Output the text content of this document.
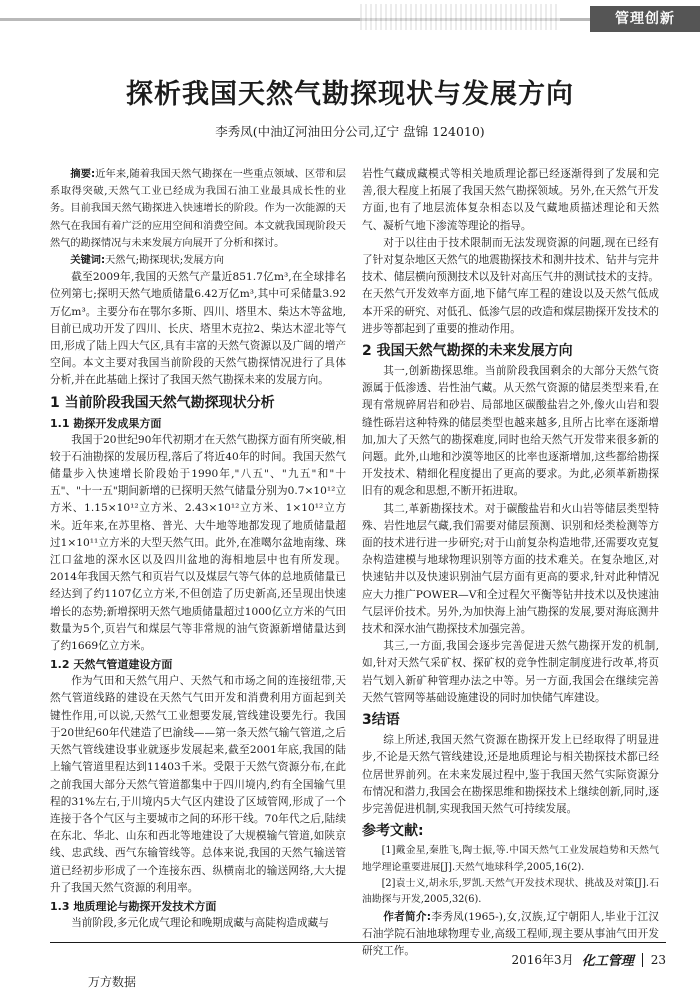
管理创新
探析我国天然气勘探现状与发展方向
李秀凤(中油辽河油田分公司,辽宁 盘锦 124010)

摘要:近年来,随着我国天然气勘探在一些重点领域、区带和层系取得突破,天然气工业已经成为我国石油工业最具成长性的业务。目前我国天然气勘探进入快速增长的阶段。作为一次能源的天然气在我国有着广泛的应用空间和消费空间。本文就我国现阶段天然气的勘探情况与未来发展方向展开了分析和探讨。

关键词:天然气;勘探现状;发展方向

截至2009年,我国的天然气产量近851.7亿m³,在全球排名位列第七;探明天然气地质储量6.42万亿m³,其中可采储量3.92万亿m³。主要分布在鄂尔多斯、四川、塔里木、柴达木等盆地,目前已成功开发了四川、长庆、塔里木克拉2、柴达木涩北等气田,形成了陆上四大气区,具有丰富的天然气资源以及广阔的增产空间。本文主要对我国当前阶段的天然气勘探情况进行了具体分析,并在此基础上探讨了我国天然气勘探未来的发展方向。

1 当前阶段我国天然气勘探现状分析
1.1 勘探开发成果方面

我国于20世纪90年代初期才在天然气勘探方面有所突破,相较于石油勘探的发展历程,落后了将近40年的时间。我国天然气储量步入快速增长阶段始于1990年,"八五"、"九五"和"十五"、"十一五"期间新增的已探明天然气储量分别为0.7×10¹²立方米、1.15×10¹²立方米、2.43×10¹²立方米、1×10¹²立方米。近年来,在苏里格、普光、大牛地等地都发现了地质储量超过1×10¹¹立方米的大型天然气田。此外,在准噶尔盆地南缘、珠江口盆地的深水区以及四川盆地的海相地层中也有所发现。2014年我国天然气和页岩气以及煤层气等气体的总地质储量已经达到了约1107亿立方米,不但创造了历史新高,还呈现出快速增长的态势;新增探明天然气地质储量超过1000亿立方米的气田数量为5个,页岩气和煤层气等非常规的油气资源新增储量达到了约1669亿立方米。

1.2 天然气管道建设方面

作为气田和天然气用户、天然气和市场之间的连接纽带,天然气管道线路的建设在天然气气田开发和消费利用方面起到关键性作用,可以说,天然气工业想要发展,管线建设要先行。我国于20世纪60年代建造了巴渝线——第一条天然气输气管道,之后天然气管线建设事业就逐步发展起来,截至2001年底,我国的陆上输气管道里程达到11403千米。受限于天然气资源分布,在此之前我国大部分天然气管道都集中于四川境内,约有全国输气里程的31%左右,于川境内5大气区内建设了区域管网,形成了一个连接于各个气区与主要城市之间的环形干线。70年代之后,陆续在东北、华北、山东和西北等地建设了大规模输气管道,如陕京线、忠武线、西气东输管线等。总体来说,我国的天然气输送管道已经初步形成了一个连接东西、纵横南北的输送网络,大大提升了我国天然气资源的利用率。

1.3 地质理论与勘探开发技术方面

当前阶段,多元化成气理论和晚期成藏与高陡构造成藏与

岩性气藏成藏模式等相关地质理论都已经逐渐得到了发展和完善,很大程度上拓展了我国天然气勘探领域。另外,在天然气开发方面,也有了地层流体复杂相态以及气藏地质描述理论和天然气、凝析气地下渗流等理论的指导。

对于以往由于技术限制而无法发现资源的问题,现在已经有了针对复杂地区天然气的地震勘探技术和测井技术、钻井与完井技术、储层横向预测技术以及针对高压气井的测试技术的支持。在天然气开发效率方面,地下储气库工程的建设以及天然气低成本开采的研究、对低孔、低渗气层的改造和煤层勘探开发技术的进步等都起到了重要的推动作用。

2 我国天然气勘探的未来发展方向

其一,创新勘探思维。当前阶段我国剩余的大部分天然气资源属于低渗透、岩性油气藏。从天然气资源的储层类型来看,在现有常规碎屑岩和砂岩、局部地区碳酸盐岩之外,像火山岩和裂缝性砾岩这种特殊的储层类型也越来越多,且所占比率在逐渐增加,加大了天然气的勘探难度,同时也给天然气开发带来很多新的问题。此外,山地和沙漠等地区的比率也逐渐增加,这些都给勘探开发技术、精细化程度提出了更高的要求。为此,必须革新勘探旧有的观念和思想,不断开拓进取。

其二,革新勘探技术。对于碳酸盐岩和火山岩等储层类型特殊、岩性地层气藏,我们需要对储层预测、识别和烃类检测等方面的技术进行进一步研究;对于山前复杂构造地带,还需要攻克复杂构造建模与地球物理识别等方面的技术难关。在复杂地区,对快速钻井以及快速识别油气层方面有更高的要求,针对此种情况应大力推广POWER—V和全过程欠平衡等钻井技术以及快速油气层评价技术。另外,为加快海上油气勘探的发展,要对海底测井技术和深水油气勘探技术加强完善。

其三,一方面,我国会逐步完善促进天然气勘探开发的机制,如,针对天然气采矿权、探矿权的竞争性制定制度进行改革,将页岩气划入新矿种管理办法之中等。另一方面,我国会在继续完善天然气管网等基础设施建设的同时加快储气库建设。

3结语

综上所述,我国天然气资源在勘探开发上已经取得了明显进步,不论是天然气管线建设,还是地质理论与相关勘探技术都已经位居世界前列。在未来发展过程中,鉴于我国天然气实际资源分布情况和潜力,我国会在勘探思维和勘探技术上继续创新,同时,逐步完善促进机制,实现我国天然气可持续发展。

参考文献:

[1]戴金星,秦胜飞,陶士振,等.中国天然气工业发展趋势和天然气地学理论重要进展[J].天然气地球科学,2005,16(2).

[2]袁士义,胡永乐,罗凯.天然气开发技术现状、挑战及对策[J].石油勘探与开发,2005,32(6).

作者简介:李秀凤(1965-),女,汉族,辽宁朝阳人,毕业于江汉石油学院石油地球物理专业,高级工程师,现主要从事油气田开发研究工作。

2016年3月 化工管理 23
万方数据
